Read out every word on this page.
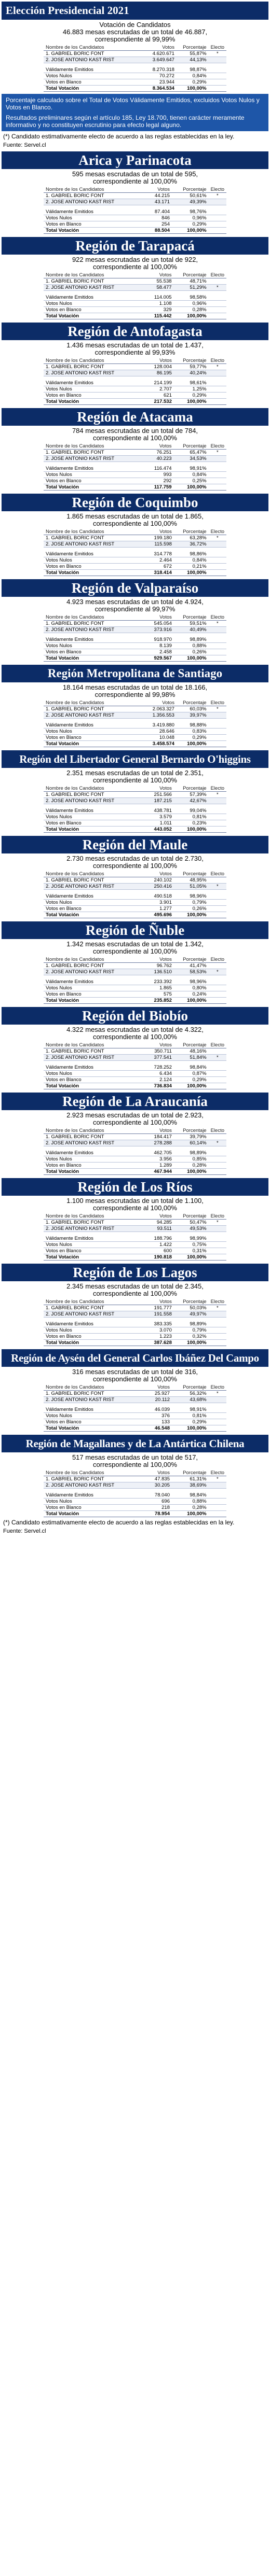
Elección Presidencial 2021
Votación de Candidatos
46.883 mesas escrutadas de un total de 46.887,
correspondiente al 99,99%
Nombre de los Candidatos	Votos	Porcentaje	Electo
1. GABRIEL BORIC FONT	4.620.671	55,87%	*
2. JOSE ANTONIO KAST RIST	3.649.647	44,13%	

Válidamente Emitidos	8.270.318	98,87%	
Votos Nulos	70.272	0,84%	
Votos en Blanco	23.944	0,29%	
Total Votación	8.364.534	100,00%	

Porcentaje calculado sobre el Total de Votos Válidamente Emitidos, excluidos Votos Nulos y Votos en Blanco.

Resultados preliminares según el artículo 185, Ley 18.700, tienen carácter meramente informativo y no constituyen escrutinio para efecto legal alguno.

(*) Candidato estimativamente electo de acuerdo a las reglas establecidas en la ley.
Fuente: Servel.cl
Arica y Parinacota
595 mesas escrutadas de un total de 595,
correspondiente al 100,00%
Nombre de los Candidatos	Votos	Porcentaje	Electo
1. GABRIEL BORIC FONT	44.215	50,61%	*
2. JOSE ANTONIO KAST RIST	43.171	49,39%	

Válidamente Emitidos	87.404	98,76%	
Votos Nulos	846	0,96%	
Votos en Blanco	254	0,29%	
Total Votación	88.504	100,00%	
Región de Tarapacá
922 mesas escrutadas de un total de 922,
correspondiente al 100,00%
Nombre de los Candidatos	Votos	Porcentaje	Electo
1. GABRIEL BORIC FONT	55.538	48,71%	
2. JOSE ANTONIO KAST RIST	58.477	51,29%	*

Válidamente Emitidos	114.005	98,58%	
Votos Nulos	1.108	0,96%	
Votos en Blanco	329	0,28%	
Total Votación	115.442	100,00%	
Región de Antofagasta
1.436 mesas escrutadas de un total de 1.437,
correspondiente al 99,93%
Nombre de los Candidatos	Votos	Porcentaje	Electo
1. GABRIEL BORIC FONT	128.004	59,77%	*
2. JOSE ANTONIO KAST RIST	86.195	40,24%	

Válidamente Emitidos	214.199	98,61%	
Votos Nulos	2.707	1,25%	
Votos en Blanco	621	0,29%	
Total Votación	217.532	100,00%	
Región de Atacama
784 mesas escrutadas de un total de 784,
correspondiente al 100,00%
Nombre de los Candidatos	Votos	Porcentaje	Electo
1. GABRIEL BORIC FONT	76.251	65,47%	*
2. JOSE ANTONIO KAST RIST	40.223	34,53%	

Válidamente Emitidos	116.474	98,91%	
Votos Nulos	993	0,84%	
Votos en Blanco	292	0,25%	
Total Votación	117.759	100,00%	
Región de Coquimbo
1.865 mesas escrutadas de un total de 1.865,
correspondiente al 100,00%
Nombre de los Candidatos	Votos	Porcentaje	Electo
1. GABRIEL BORIC FONT	199.180	63,28%	*
2. JOSE ANTONIO KAST RIST	115.598	36,72%	

Válidamente Emitidos	314.778	98,86%	
Votos Nulos	2.464	0,84%	
Votos en Blanco	672	0,21%	
Total Votación	318.414	100,00%	
Región de Valparaíso
4.923 mesas escrutadas de un total de 4.924,
correspondiente al 99,97%
Nombre de los Candidatos	Votos	Porcentaje	Electo
1. GABRIEL BORIC FONT	545.054	59,51%	*
2. JOSE ANTONIO KAST RIST	373.916	40,49%	

Válidamente Emitidos	918.970	98,89%	
Votos Nulos	8.139	0,88%	
Votos en Blanco	2.458	0,26%	
Total Votación	929.567	100,00%	
Región Metropolitana de Santiago
18.164 mesas escrutadas de un total de 18.166,
correspondiente al 99,98%
Nombre de los Candidatos	Votos	Porcentaje	Electo
1. GABRIEL BORIC FONT	2.063.327	60,03%	*
2. JOSE ANTONIO KAST RIST	1.356.553	39,97%	

Válidamente Emitidos	3.419.880	98,88%	
Votos Nulos	28.646	0,83%	
Votos en Blanco	10.048	0,29%	
Total Votación	3.458.574	100,00%	
Región del Libertador General Bernardo O'higgins
2.351 mesas escrutadas de un total de 2.351,
correspondiente al 100,00%
Nombre de los Candidatos	Votos	Porcentaje	Electo
1. GABRIEL BORIC FONT	251.566	57,39%	*
2. JOSE ANTONIO KAST RIST	187.215	42,67%	

Válidamente Emitidos	438.781	99,04%	
Votos Nulos	3.579	0,81%	
Votos en Blanco	1.011	0,23%	
Total Votación	443.052	100,00%	
Región del Maule
2.730 mesas escrutadas de un total de 2.730,
correspondiente al 100,00%
Nombre de los Candidatos	Votos	Porcentaje	Electo
1. GABRIEL BORIC FONT	240.102	48,95%	
2. JOSE ANTONIO KAST RIST	250.416	51,05%	*

Válidamente Emitidos	490.518	98,96%	
Votos Nulos	3.901	0,79%	
Votos en Blanco	1.277	0,26%	
Total Votación	495.696	100,00%	
Región de Ñuble
1.342 mesas escrutadas de un total de 1.342,
correspondiente al 100,00%
Nombre de los Candidatos	Votos	Porcentaje	Electo
1. GABRIEL BORIC FONT	96.762	41,47%	
2. JOSE ANTONIO KAST RIST	136.510	58,53%	*

Válidamente Emitidos	233.392	98,96%	
Votos Nulos	1.865	0,80%	
Votos en Blanco	575	0,24%	
Total Votación	235.852	100,00%	
Región del Biobío
4.322 mesas escrutadas de un total de 4.322,
correspondiente al 100,00%
Nombre de los Candidatos	Votos	Porcentaje	Electo
1. GABRIEL BORIC FONT	350.711	48,16%	
2. JOSE ANTONIO KAST RIST	377.541	51,84%	*

Válidamente Emitidos	728.252	98,84%	
Votos Nulos	6.434	0,87%	
Votos en Blanco	2.124	0,29%	
Total Votación	736.834	100,00%	
Región de La Araucanía
2.923 mesas escrutadas de un total de 2.923,
correspondiente al 100,00%
Nombre de los Candidatos	Votos	Porcentaje	Electo
1. GABRIEL BORIC FONT	184.417	39,79%	
2. JOSE ANTONIO KAST RIST	278.288	60,14%	*

Válidamente Emitidos	462.705	98,89%	
Votos Nulos	3.956	0,85%	
Votos en Blanco	1.289	0,28%	
Total Votación	467.944	100,00%	
Región de Los Ríos
1.100 mesas escrutadas de un total de 1.100,
correspondiente al 100,00%
Nombre de los Candidatos	Votos	Porcentaje	Electo
1. GABRIEL BORIC FONT	94.285	50,47%	*
2. JOSE ANTONIO KAST RIST	93.511	49,53%	

Válidamente Emitidos	188.796	98,99%	
Votos Nulos	1.422	0,75%	
Votos en Blanco	600	0,31%	
Total Votación	190.818	100,00%	
Región de Los Lagos
2.345 mesas escrutadas de un total de 2.345,
correspondiente al 100,00%
Nombre de los Candidatos	Votos	Porcentaje	Electo
1. GABRIEL BORIC FONT	191.777	50,03%	*
2. JOSE ANTONIO KAST RIST	191.558	49,97%	

Válidamente Emitidos	383.335	98,89%	
Votos Nulos	3.070	0,79%	
Votos en Blanco	1.223	0,32%	
Total Votación	387.628	100,00%	
Región de Aysén del General Carlos Ibáñez Del Campo
316 mesas escrutadas de un total de 316,
correspondiente al 100,00%
Nombre de los Candidatos	Votos	Porcentaje	Electo
1. GABRIEL BORIC FONT	25.927	56,32%	*
2. JOSE ANTONIO KAST RIST	20.112	43,68%	

Válidamente Emitidos	46.039	98,91%	
Votos Nulos	376	0,81%	
Votos en Blanco	133	0,29%	
Total Votación	46.548	100,00%	
Región de Magallanes y de La Antártica Chilena
517 mesas escrutadas de un total de 517,
correspondiente al 100,00%
Nombre de los Candidatos	Votos	Porcentaje	Electo
1. GABRIEL BORIC FONT	47.835	61,31%	*
2. JOSE ANTONIO KAST RIST	30.205	38,69%	

Válidamente Emitidos	78.040	98,84%	
Votos Nulos	696	0,88%	
Votos en Blanco	218	0,28%	
Total Votación	78.954	100,00%	
(*) Candidato estimativamente electo de acuerdo a las reglas establecidas en la ley.
Fuente: Servel.cl
